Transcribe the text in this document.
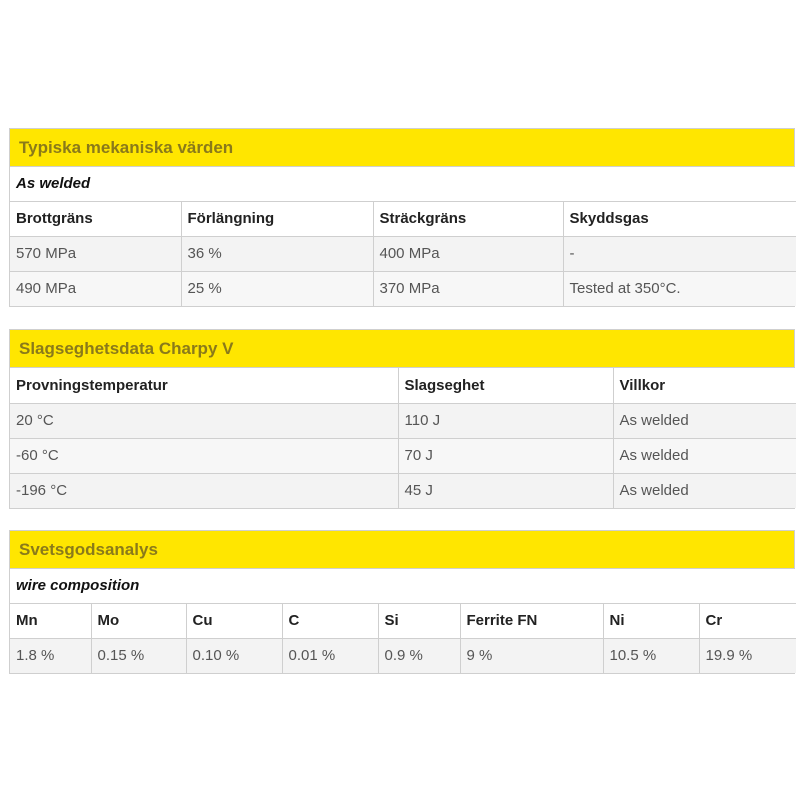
Typiska mekaniska värden
As welded			
Brottgräns	Förlängning	Sträckgräns	Skyddsgas
570 MPa	36 %	400 MPa	-
490 MPa	25 %	370 MPa	Tested at 350°C.
Slagseghetsdata Charpy V
Provningstemperatur	Slagseghet	Villkor
20 °C	110 J	As welded
-60 °C	70 J	As welded
-196 °C	45 J	As welded
Svetsgodsanalys
wire composition							
Mn	Mo	Cu	C	Si	Ferrite FN	Ni	Cr
1.8 %	0.15 %	0.10 %	0.01 %	0.9 %	9 %	10.5 %	19.9 %
